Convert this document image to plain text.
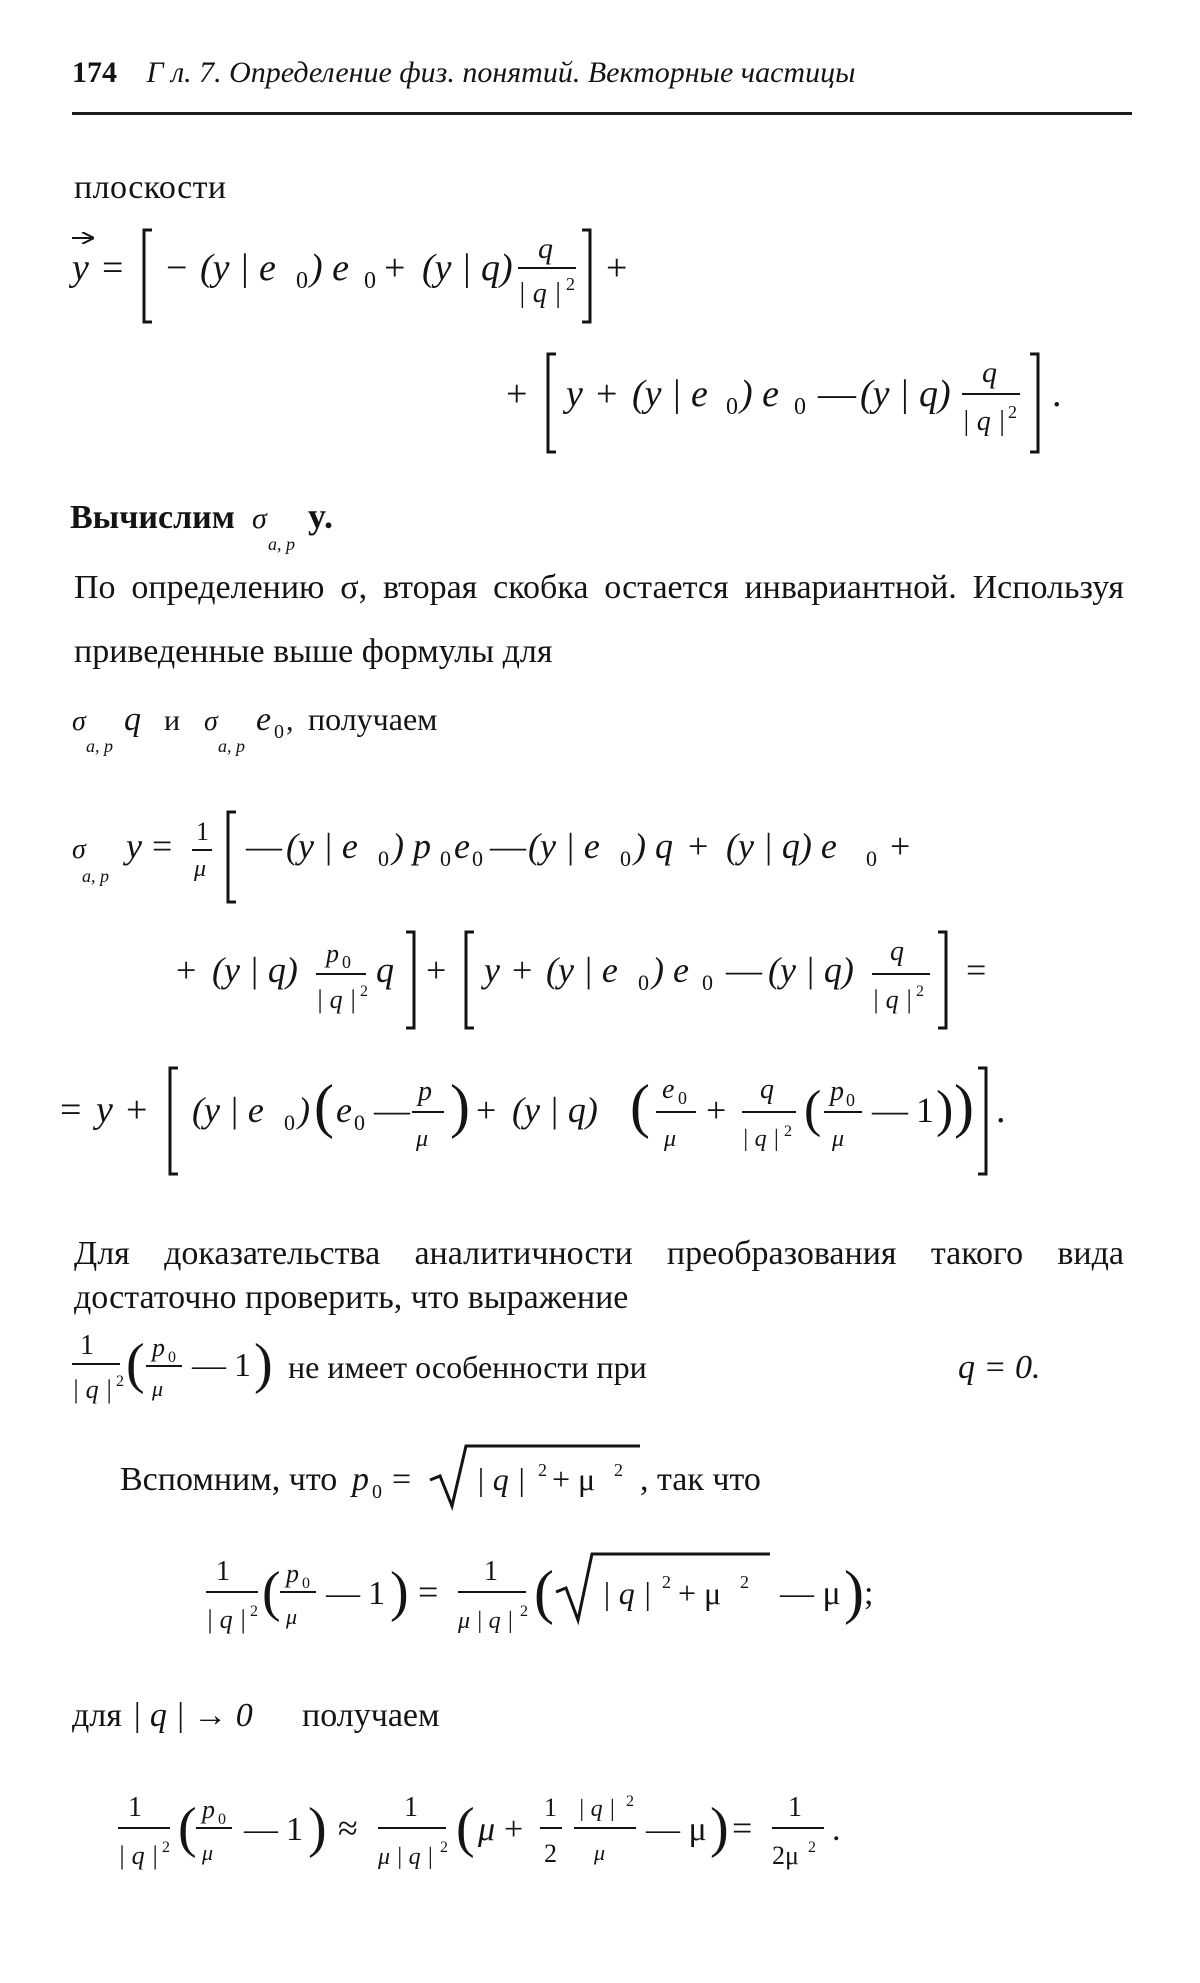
174 Г л. 7. Определение физ. понятий. Векторные частицы
плоскости
y = − (y | e 0 ) e 0 + (y | q) q
| q | 2 +
+ y + (y | e 0 ) e 0 — (y | q)
q
| q | 2 .
Вычислим σ
a, p
y.
По определению σ, вторая скобка остается инвариантной. Используя приведенные выше формулы для
σ
a, p
q и σ
a, p
e 0 , получаем
σ
a, p
y = 1
μ
— (y | e 0 ) p 0 e 0 — (y | e 0 ) q + (y | q) e 0 +
+ (y | q) p 0
| q | 2
q + y + (y | e 0 ) e 0 — (y | q) q
| q | 2
=
= y + (y | e 0 ) ( e 0 — p
μ ) + (y | q) ( e 0
μ
+
q
| q | 2 ( p 0
μ
— 1 ) ) .
Для доказательства аналитичности преобразования такого вида достаточно проверить, что выражение
1
| q | 2 ( p 0
μ
— 1 ) не имеет особенности при	q = 0.
Вспомним, что p 0 = | q | 2 + μ 2 , так что
1
| q | 2 ( p 0
μ
— 1 ) =
1
μ | q | 2 ( | q | 2 + μ 2 — μ ) ;
для | q | → 0 получаем
1
| q | 2 ( p 0
μ
— 1 ) ≈
1
μ | q | 2 ( μ +
1
2
| q | 2
μ
— μ ) =
1
2μ 2 .
